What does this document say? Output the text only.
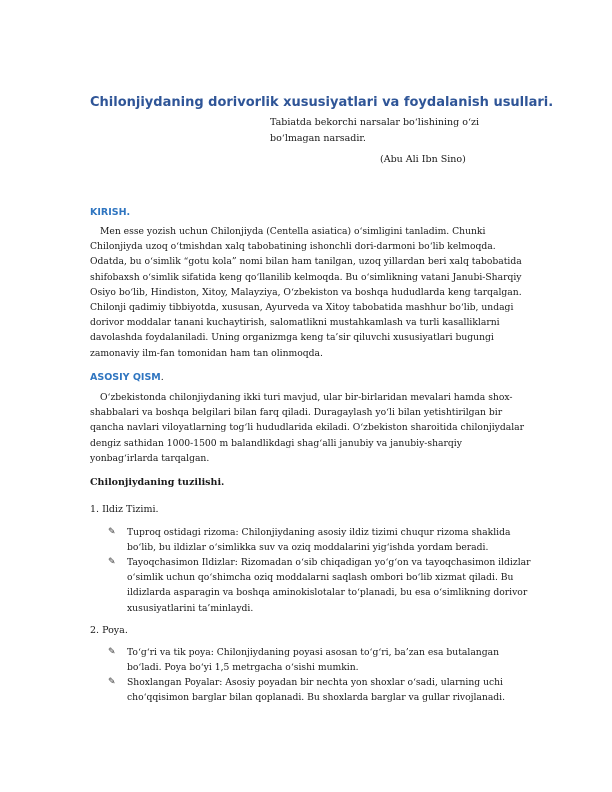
Chilonjiydaning dorivorlik xususiyatlari va foydalanish usullari.
Tabiatda bekorchi narsalar bo‘lishining o‘zi bo‘lmagan narsadir.
(Abu Ali Ibn Sino)
KIRISH.

Men esse yozish uchun Chilonjiyda (Centella asiatica) o‘simligini tanladim. Chunki Chilonjiyda uzoq o‘tmishdan xalq tabobatining ishonchli dori-darmoni bo‘lib kelmoqda. Odatda, bu o‘simlik “gotu kola” nomi bilan ham tanilgan, uzoq yillardan beri xalq tabobatida shifobaxsh o‘simlik sifatida keng qo‘llanilib kelmoqda. Bu o‘simlikning vatani Janubi-Sharqiy Osiyo bo‘lib, Hindiston, Xitoy, Malayziya, O‘zbekiston va boshqa hududlarda keng tarqalgan. Chilonji qadimiy tibbiyotda, xususan, Ayurveda va Xitoy tabobatida mashhur bo‘lib, undagi dorivor moddalar tanani kuchaytirish, salomatlikni mustahkamlash va turli kasalliklarni davolashda foydalaniladi. Uning organizmga keng ta’sir qiluvchi xususiyatlari bugungi zamonaviy ilm-fan tomonidan ham tan olinmoqda.

ASOSIY QISM.

O‘zbekistonda chilonjiydaning ikki turi mavjud, ular bir-birlaridan mevalari hamda shox-shabbalari va boshqa belgilari bilan farq qiladi. Duragaylash yo‘li bilan yetishtirilgan bir qancha navlari viloyatlarning tog‘li hududlarida ekiladi. O‘zbekiston sharoitida chilonjiydalar dengiz sathidan 1000-1500 m balandlikdagi shag‘alli janubiy va janubiy-sharqiy yonbag‘irlarda tarqalgan.

Chilonjiydaning tuzilishi.
1. Ildiz Tizimi.
✎	Tuproq ostidagi rizoma: Chilonjiydaning asosiy ildiz tizimi chuqur rizoma shaklida bo‘lib, bu ildizlar o‘simlikka suv va oziq moddalarini yig‘ishda yordam beradi.
✎	Tayoqchasimon Ildizlar: Rizomadan o‘sib chiqadigan yo‘g‘on va tayoqchasimon ildizlar o‘simlik uchun qo‘shimcha oziq moddalarni saqlash ombori bo‘lib xizmat qiladi. Bu ildizlarda asparagin va boshqa aminokislotalar to‘planadi, bu esa o‘simlikning dorivor xususiyatlarini ta’minlaydi.
2. Poya.
✎	To‘g‘ri va tik poya: Chilonjiydaning poyasi asosan to‘g‘ri, ba’zan esa butalangan bo‘ladi. Poya bo‘yi 1,5 metrgacha o‘sishi mumkin.
✎	Shoxlangan Poyalar: Asosiy poyadan bir nechta yon shoxlar o‘sadi, ularning uchi cho‘qqisimon barglar bilan qoplanadi. Bu shoxlarda barglar va gullar rivojlanadi.
